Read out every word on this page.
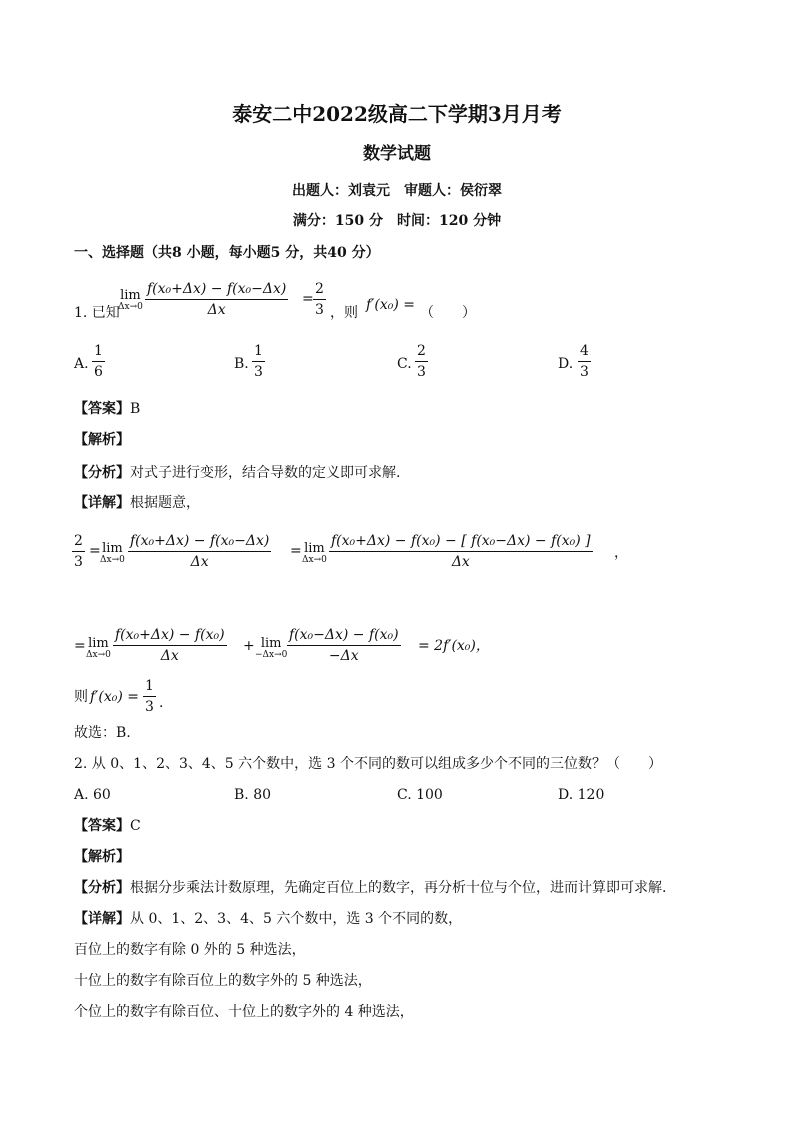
泰安二中2022级高二下学期3月月考
数学试题
出题人：刘袁元　审题人：侯衍翠
满分：150 分　时间：120 分钟
一、选择题（共8 小题，每小题5 分，共40 分）
1. 已知
lim
$\Delta x\to 0 \frac{\text{f(x₀+Δx) − f(x₀−Δx)}}{\Delta x} = \frac{2}{3}$ ，则 f′(x₀) = （　　）
A. $\frac{1}{6}$	B. $\frac{1}{3}$	C. $\frac{2}{3}$	D. $\frac{4}{3}$
【答案】B
【解析】
【分析】对式子进行变形，结合导数的定义即可求解.
【详解】根据题意，
$\frac{2}{3} = \lim$
$\Delta x\to 0 \frac{\text{f(x₀+Δx) − f(x₀−Δx)}}{\Delta x} = \lim$
$\Delta x\to 0 \frac{\text{f(x₀+Δx) − f(x₀) − [ f(x₀−Δx) − f(x₀) ]}}{\Delta x}$ ，
= lim
$\Delta x\to 0 \frac{\text{f(x₀+Δx) − f(x₀)}}{\Delta x} + \lim$
$-\Delta x\to 0 \frac{\text{f(x₀−Δx) − f(x₀)}}{-\Delta x} = 2f'(x_0)$，
则 $f'(x_0) = \frac{1}{3}$ .
故选：B.
2. 从 0、1、2、3、4、5 六个数中，选 3 个不同的数可以组成多少个不同的三位数？（　　）
A. 60	B. 80	C. 100	D. 120
【答案】C
【解析】
【分析】根据分步乘法计数原理，先确定百位上的数字，再分析十位与个位，进而计算即可求解.
【详解】从 0、1、2、3、4、5 六个数中，选 3 个不同的数，
百位上的数字有除 0 外的 5 种选法，
十位上的数字有除百位上的数字外的 5 种选法，
个位上的数字有除百位、十位上的数字外的 4 种选法，
